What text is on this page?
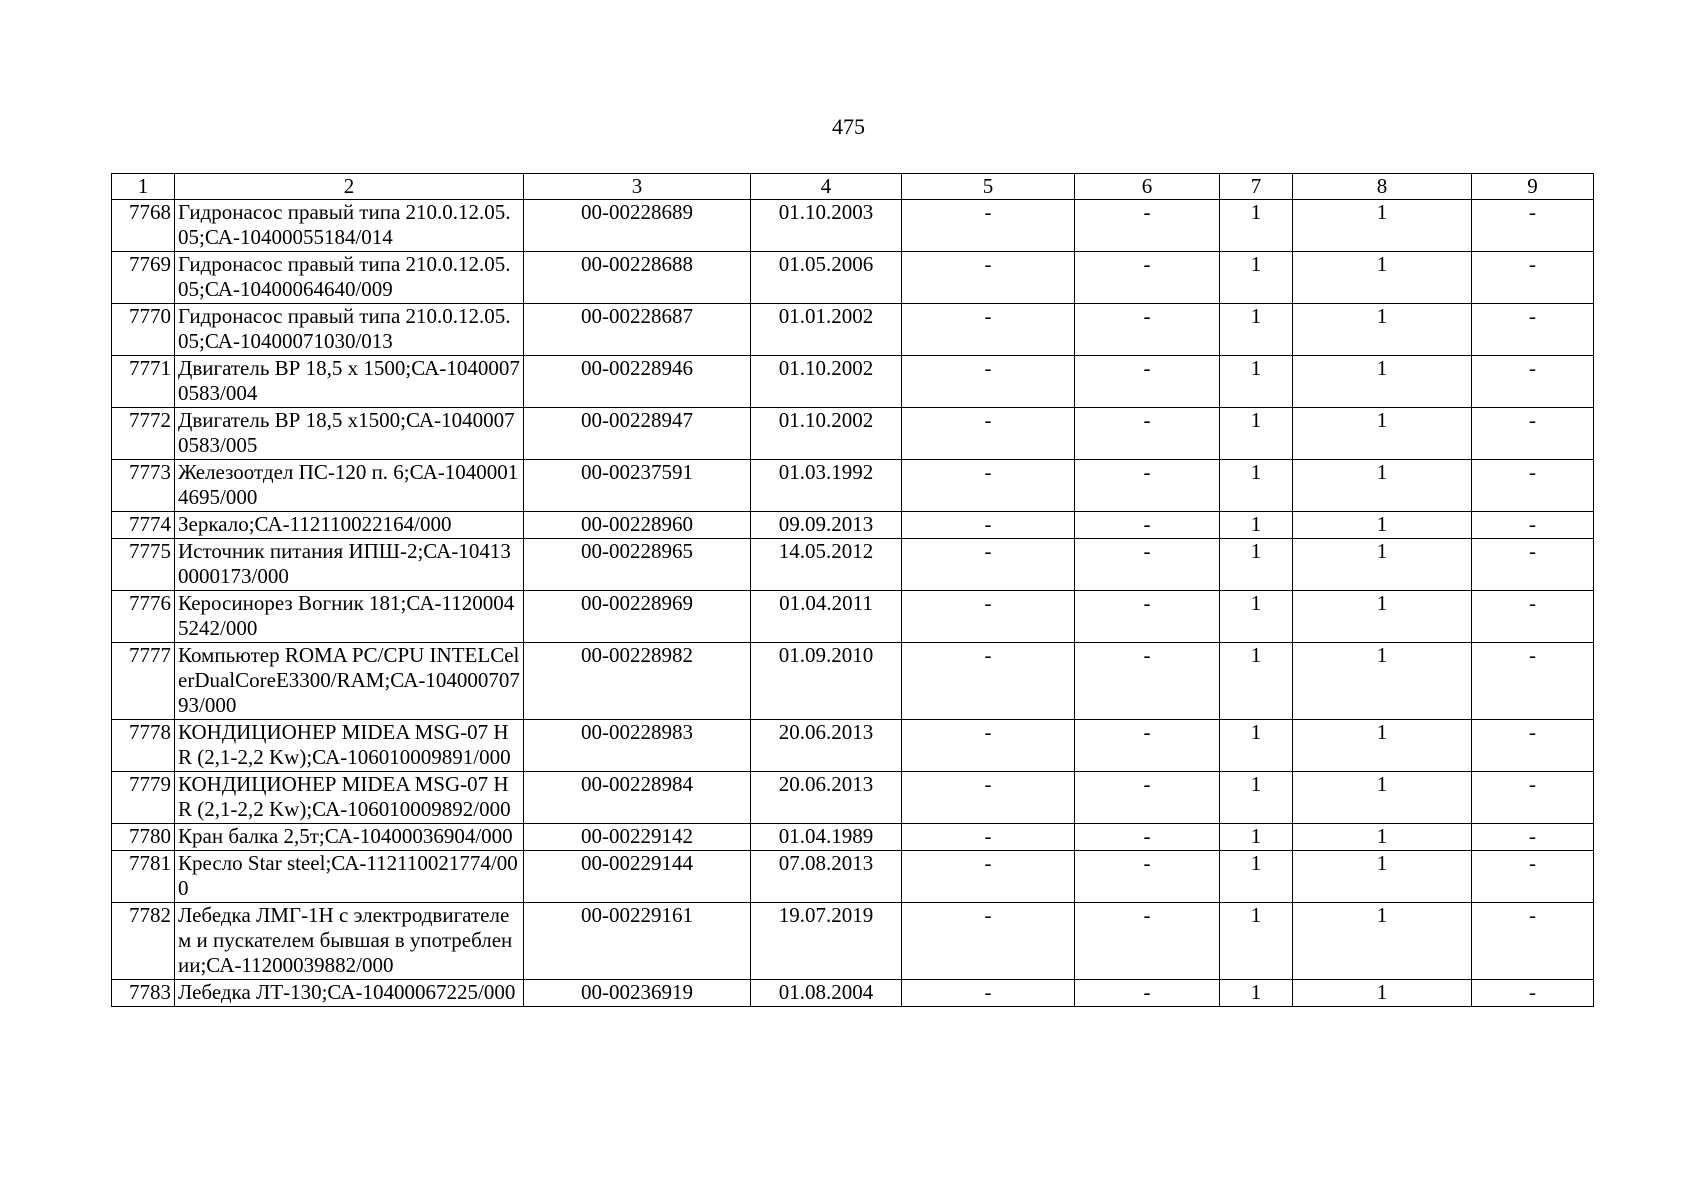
475
1	2	3	4	5	6	7	8	9
7768	Гидронасос правый типа 210.0.12.05.05;СА-10400055184/014	00-00228689	01.10.2003	-	-	1	1	-
7769	Гидронасос правый типа 210.0.12.05.05;СА-10400064640/009	00-00228688	01.05.2006	-	-	1	1	-
7770	Гидронасос правый типа 210.0.12.05.05;СА-10400071030/013	00-00228687	01.01.2002	-	-	1	1	-
7771	Двигатель ВР 18,5 х 1500;СА-10400070583/004	00-00228946	01.10.2002	-	-	1	1	-
7772	Двигатель ВР 18,5 х1500;СА-10400070583/005	00-00228947	01.10.2002	-	-	1	1	-
7773	Железоотдел ПС-120 п. 6;СА-10400014695/000	00-00237591	01.03.1992	-	-	1	1	-
7774	Зеркало;СА-112110022164/000	00-00228960	09.09.2013	-	-	1	1	-
7775	Источник питания ИПШ-2;СА-104130000173/000	00-00228965	14.05.2012	-	-	1	1	-
7776	Керосинорез Вогник 181;СА-11200045242/000	00-00228969	01.04.2011	-	-	1	1	-
7777	Компьютер ROMA PC/CPU INTELCelerDualCoreE3300/RAM;СА-10400070793/000	00-00228982	01.09.2010	-	-	1	1	-
7778	КОНДИЦИОНЕР MIDEA MSG-07 HR (2,1-2,2 Kw);СА-106010009891/000	00-00228983	20.06.2013	-	-	1	1	-
7779	КОНДИЦИОНЕР MIDEA MSG-07 HR (2,1-2,2 Kw);СА-106010009892/000	00-00228984	20.06.2013	-	-	1	1	-
7780	Кран балка 2,5т;СА-10400036904/000	00-00229142	01.04.1989	-	-	1	1	-
7781	Кресло Star steel;СА-112110021774/000	00-00229144	07.08.2013	-	-	1	1	-
7782	Лебедка ЛМГ-1Н с электродвигателем и пускателем бывшая в употреблении;СА-11200039882/000	00-00229161	19.07.2019	-	-	1	1	-
7783	Лебедка ЛТ-130;СА-10400067225/000	00-00236919	01.08.2004	-	-	1	1	-
